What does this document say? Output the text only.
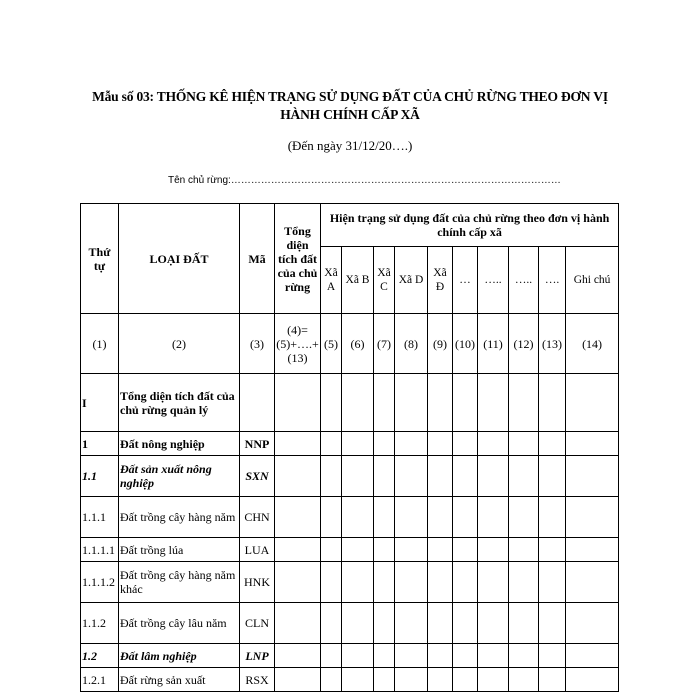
Mẫu số 03: THỐNG KÊ HIỆN TRẠNG SỬ DỤNG ĐẤT CỦA CHỦ RỪNG THEO ĐƠN VỊ HÀNH CHÍNH CẤP XÃ
(Đến ngày 31/12/20….)
Tên chủ rừng:………………………………………………………………………………………
Thứ tự	LOẠI ĐẤT	Mã	Tổng diện tích đất của chủ rừng	Hiện trạng sử dụng đất của chủ rừng theo đơn vị hành chính cấp xã									
				Xã A	Xã B	Xã C	Xã D	Xã Đ	…	…..	…..	….	Ghi chú
(1)	(2)	(3)	(4)=(5)+….+(13)	(5)	(6)	(7)	(8)	(9)	(10)	(11)	(12)	(13)	(14)
I	Tổng diện tích đất của chủ rừng quản lý												
1	Đất nông nghiệp	NNP											
1.1	Đất sản xuất nông nghiệp	SXN											
1.1.1	Đất trồng cây hàng năm	CHN											
1.1.1.1	Đất trồng lúa	LUA											
1.1.1.2	Đất trồng cây hàng năm khác	HNK											
1.1.2	Đất trồng cây lâu năm	CLN											
1.2	Đất lâm nghiệp	LNP											
1.2.1	Đất rừng sản xuất	RSX											
